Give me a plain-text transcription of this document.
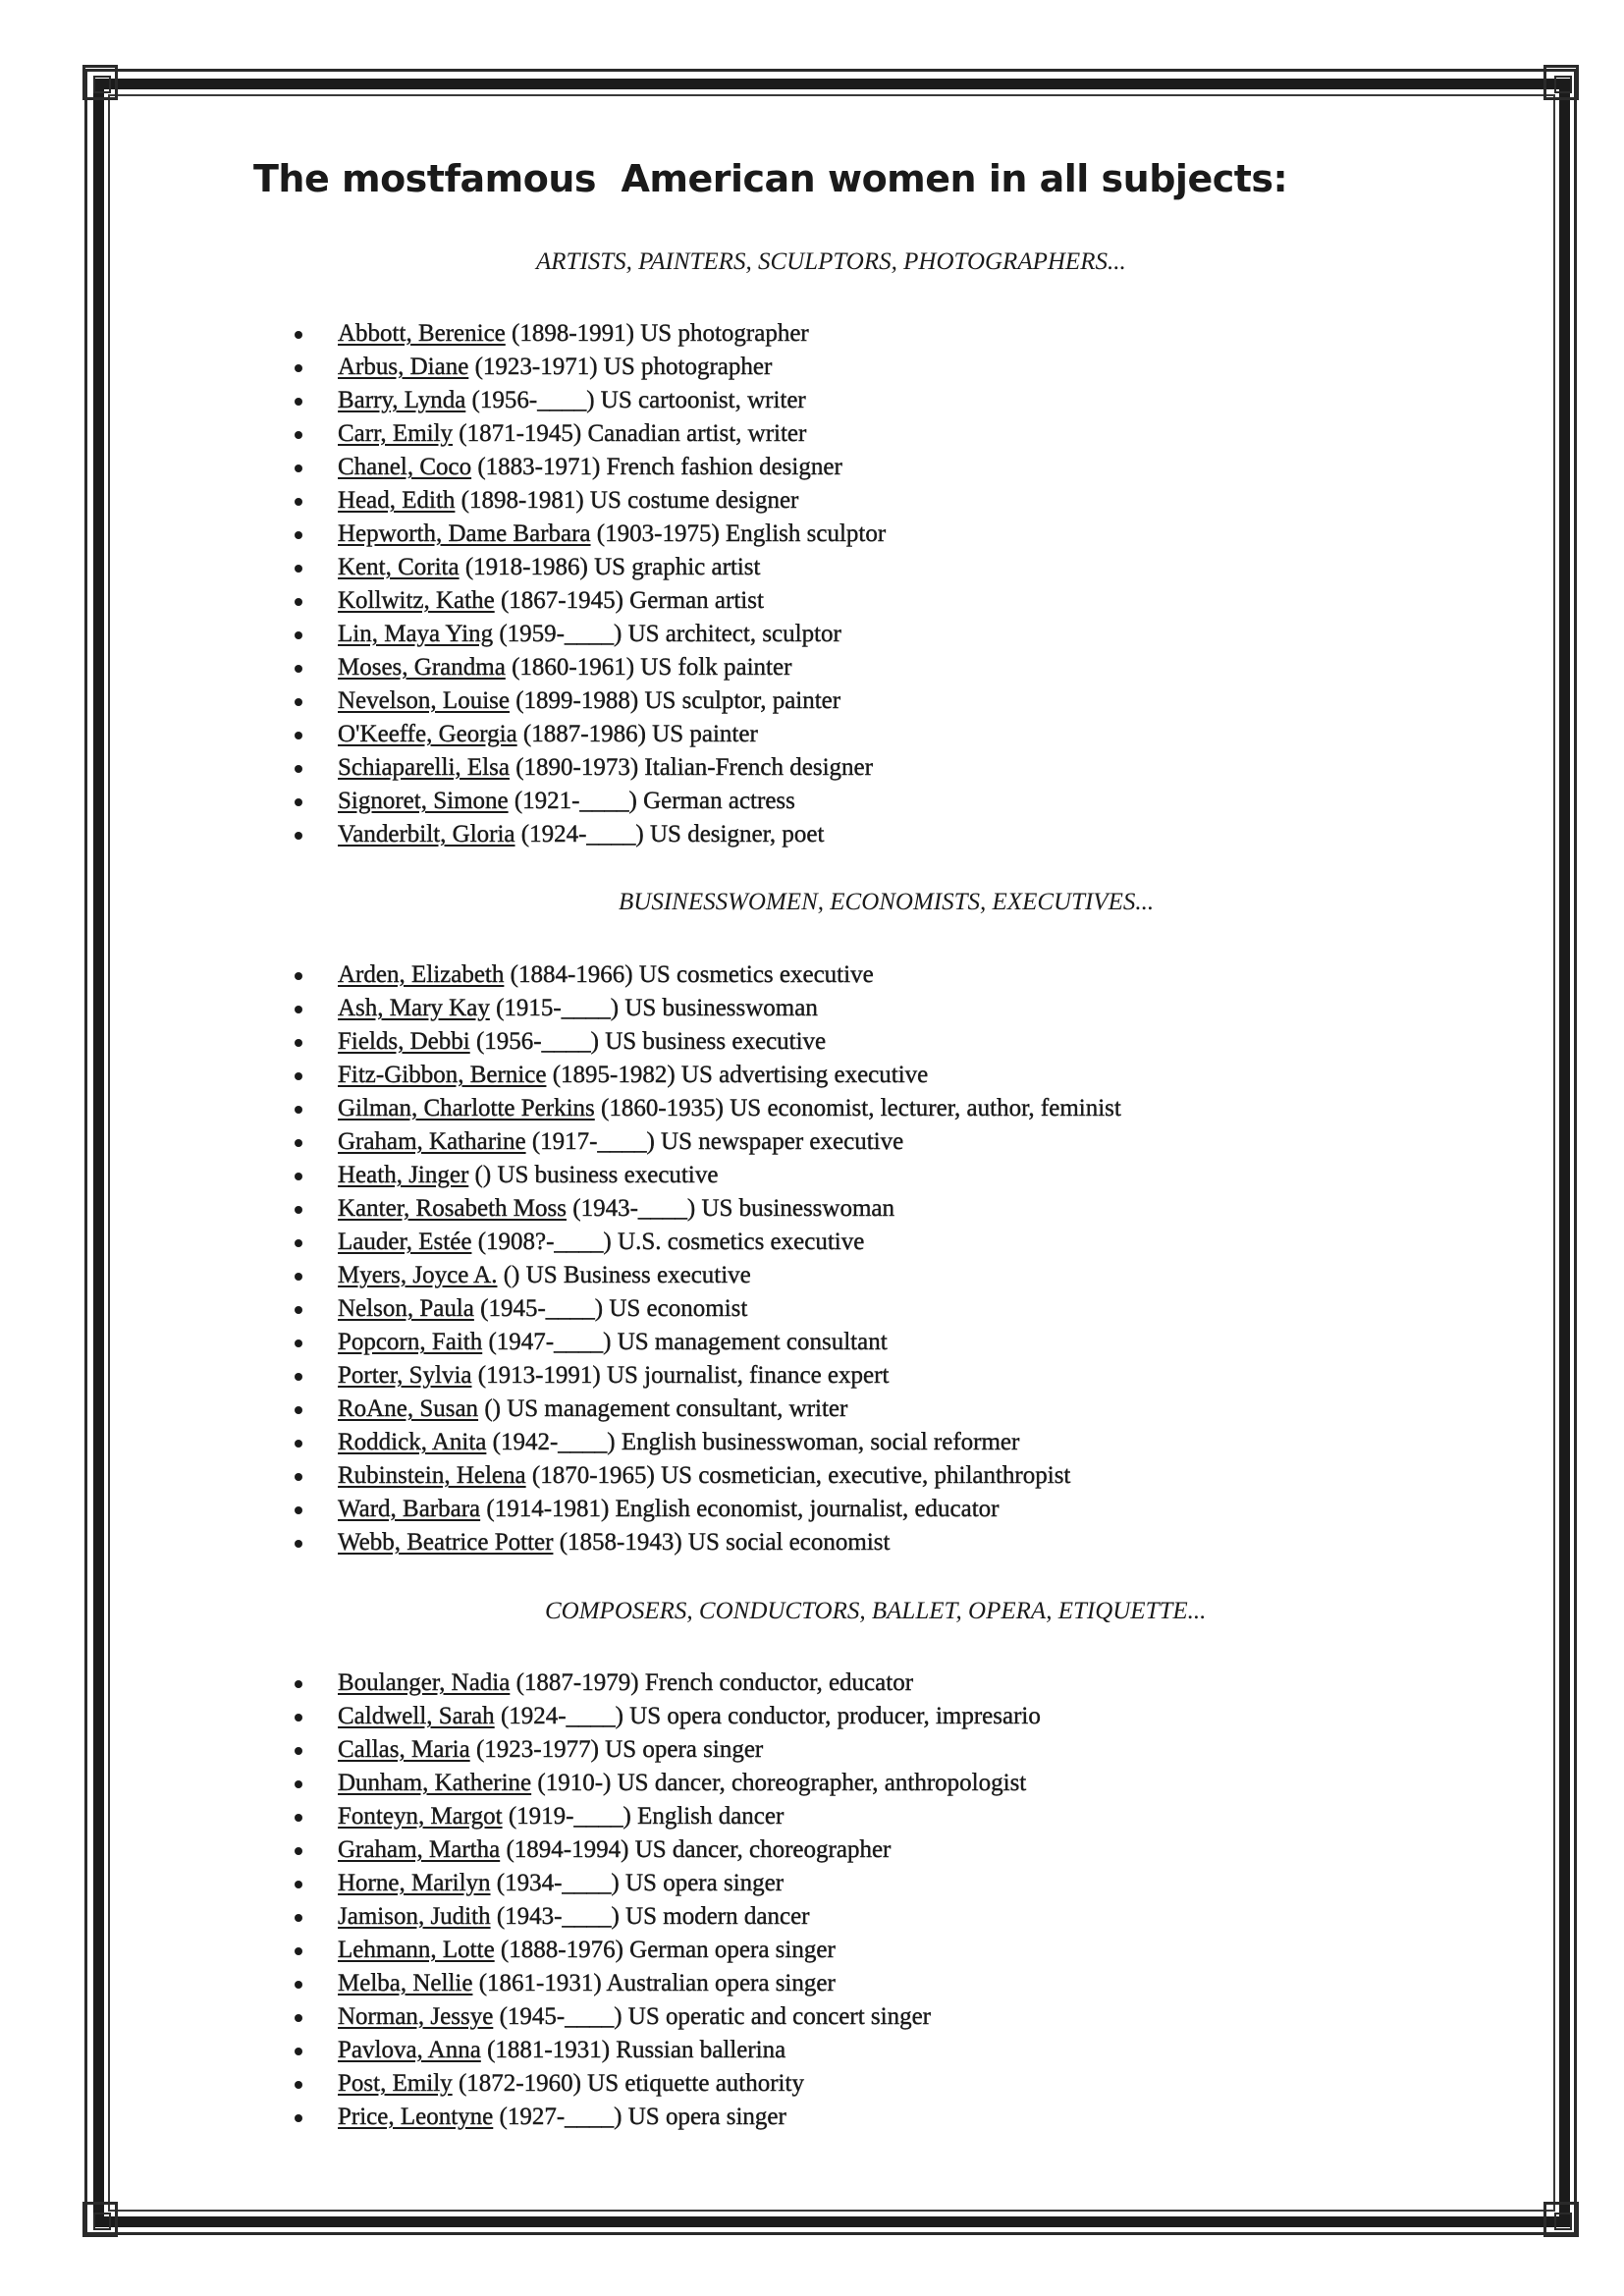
The mostfamous  American women in all subjects:
ARTISTS, PAINTERS, SCULPTORS, PHOTOGRAPHERS...
Abbott, Berenice (1898-1991) US photographer
Arbus, Diane (1923-1971) US photographer
Barry, Lynda (1956-____) US cartoonist, writer
Carr, Emily (1871-1945) Canadian artist, writer
Chanel, Coco (1883-1971) French fashion designer
Head, Edith (1898-1981) US costume designer
Hepworth, Dame Barbara (1903-1975) English sculptor
Kent, Corita (1918-1986) US graphic artist
Kollwitz, Kathe (1867-1945) German artist
Lin, Maya Ying (1959-____) US architect, sculptor
Moses, Grandma (1860-1961) US folk painter
Nevelson, Louise (1899-1988) US sculptor, painter
O'Keeffe, Georgia (1887-1986) US painter
Schiaparelli, Elsa (1890-1973) Italian-French designer
Signoret, Simone (1921-____) German actress
Vanderbilt, Gloria (1924-____) US designer, poet
BUSINESSWOMEN, ECONOMISTS, EXECUTIVES...
Arden, Elizabeth (1884-1966) US cosmetics executive
Ash, Mary Kay (1915-____) US businesswoman
Fields, Debbi (1956-____) US business executive
Fitz-Gibbon, Bernice (1895-1982) US advertising executive
Gilman, Charlotte Perkins (1860-1935) US economist, lecturer, author, feminist
Graham, Katharine (1917-____) US newspaper executive
Heath, Jinger () US business executive
Kanter, Rosabeth Moss (1943-____) US businesswoman
Lauder, Estée (1908?-____) U.S. cosmetics executive
Myers, Joyce A. () US Business executive
Nelson, Paula (1945-____) US economist
Popcorn, Faith (1947-____) US management consultant
Porter, Sylvia (1913-1991) US journalist, finance expert
RoAne, Susan () US management consultant, writer
Roddick, Anita (1942-____) English businesswoman, social reformer
Rubinstein, Helena (1870-1965) US cosmetician, executive, philanthropist
Ward, Barbara (1914-1981) English economist, journalist, educator
Webb, Beatrice Potter (1858-1943) US social economist
COMPOSERS, CONDUCTORS, BALLET, OPERA, ETIQUETTE...
Boulanger, Nadia (1887-1979) French conductor, educator
Caldwell, Sarah (1924-____) US opera conductor, producer, impresario
Callas, Maria (1923-1977) US opera singer
Dunham, Katherine (1910-) US dancer, choreographer, anthropologist
Fonteyn, Margot (1919-____) English dancer
Graham, Martha (1894-1994) US dancer, choreographer
Horne, Marilyn (1934-____) US opera singer
Jamison, Judith (1943-____) US modern dancer
Lehmann, Lotte (1888-1976) German opera singer
Melba, Nellie (1861-1931) Australian opera singer
Norman, Jessye (1945-____) US operatic and concert singer
Pavlova, Anna (1881-1931) Russian ballerina
Post, Emily (1872-1960) US etiquette authority
Price, Leontyne (1927-____) US opera singer
